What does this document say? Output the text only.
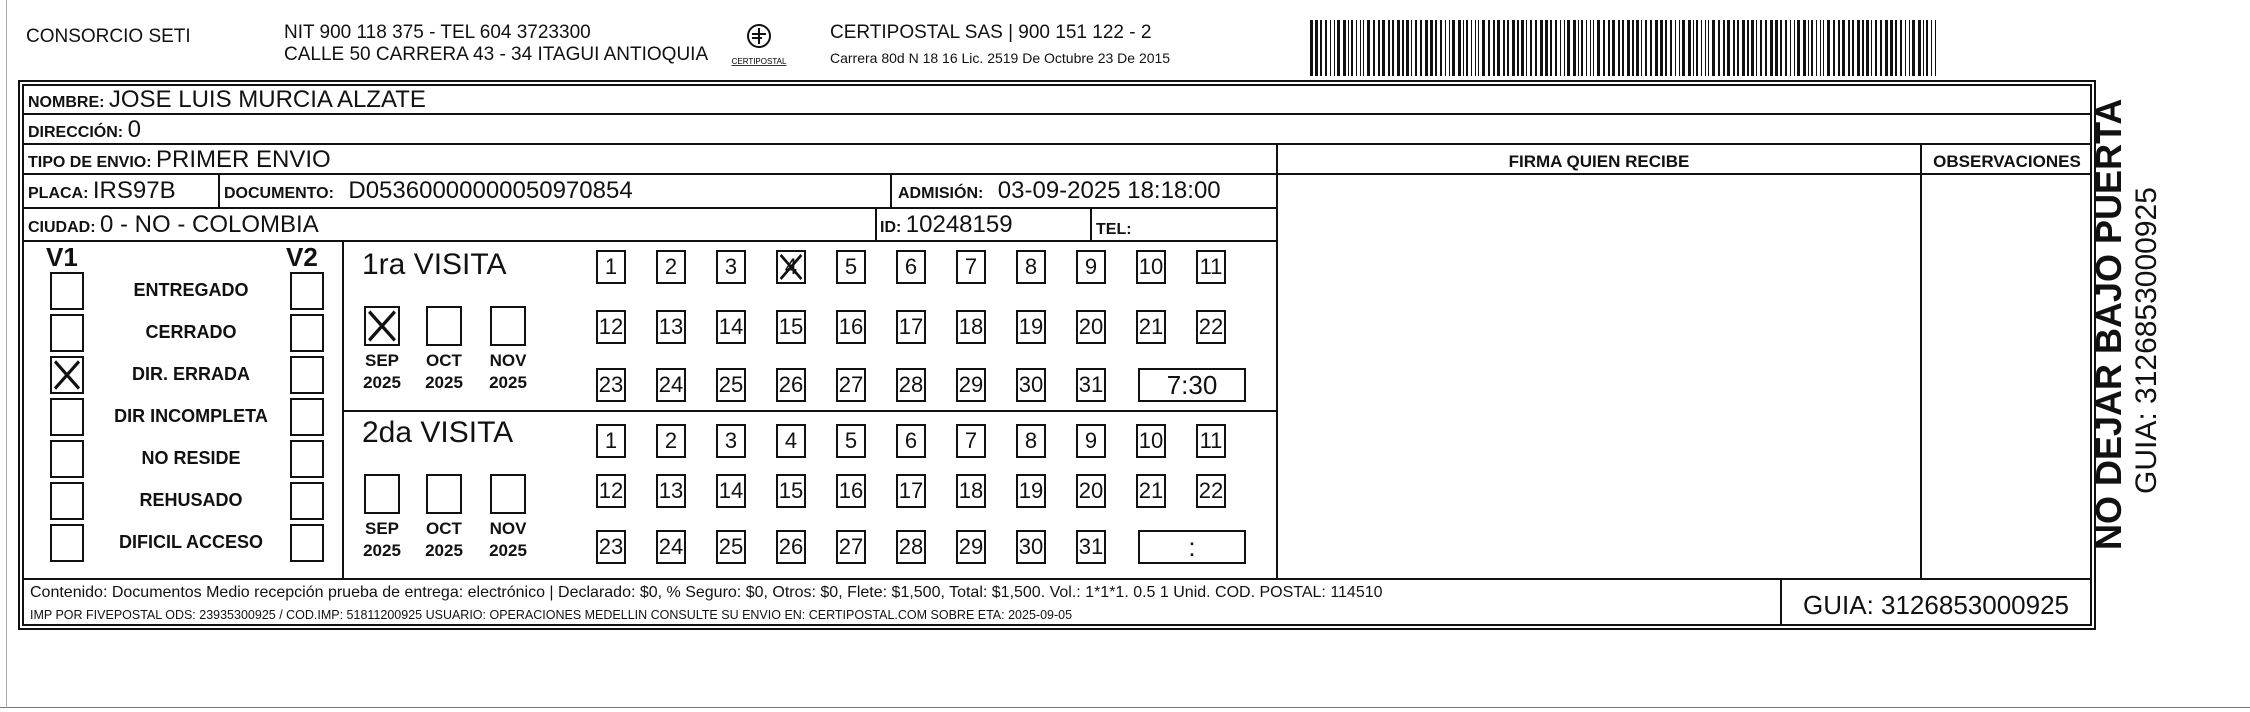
CONSORCIO SETI	NIT 900 118 375 - TEL 604 3723300
CALLE 50 CARRERA 43 - 34 ITAGUI ANTIOQUIA	CERTIPOSTAL
CERTIPOSTAL SAS | 900 151 122 - 2
Carrera 80d N 18 16 Lic. 2519 De Octubre 23 De 2015
NOMBRE: JOSE LUIS MURCIA ALZATE
DIRECCIÓN: 0
TIPO DE ENVIO: PRIMER ENVIO	FIRMA QUIEN RECIBE	OBSERVACIONES
PLACA: IRS97B	DOCUMENTO: D05360000000050970854	ADMISIÓN: 03-09-2025 18:18:00
CIUDAD: 0 - NO - COLOMBIA	ID: 10248159	TEL:
V1	V2
ENTREGADO
CERRADO
DIR. ERRADA
DIR INCOMPLETA
NO RESIDE
REHUSADO
DIFICIL ACCESO
1ra VISITA
SEP
2025
OCT
2025
NOV
2025
1 2 3 4 5 6 7 8 9 10 11
12 13 14 15 16 17 18 19 20 21 22
23 24 25 26 27 28 29 30 31 7:30
2da VISITA
SEP
2025
OCT
2025
NOV
2025
1 2 3 4 5 6 7 8 9 10 11
12 13 14 15 16 17 18 19 20 21 22
23 24 25 26 27 28 29 30 31	:
Contenido: Documentos Medio recepción prueba de entrega: electrónico | Declarado: $0, % Seguro: $0, Otros: $0, Flete: $1,500, Total: $1,500. Vol.: 1*1*1. 0.5 1 Unid. COD. POSTAL: 114510
IMP POR FIVEPOSTAL ODS: 23935300925 / COD.IMP: 51811200925 USUARIO: OPERACIONES MEDELLIN CONSULTE SU ENVIO EN: CERTIPOSTAL.COM SOBRE ETA: 2025-09-05	GUIA: 3126853000925
NO DEJAR BAJO PUERTA GUIA: 3126853000925
